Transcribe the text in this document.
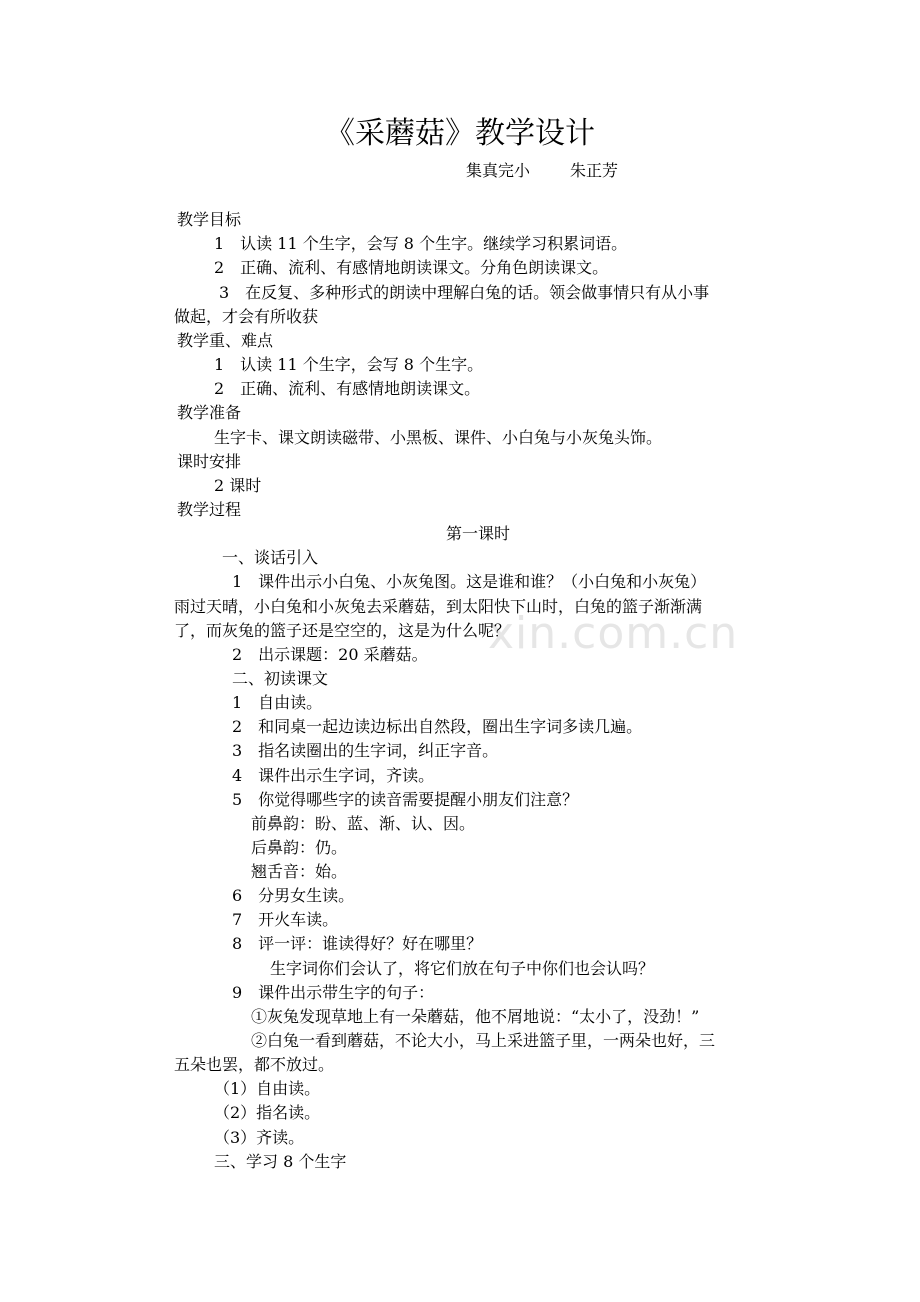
xin.com.cn
《采蘑菇》教学设计
集真完小	朱正芳
教学目标
1　认读 11 个生字，会写 8 个生字。继续学习积累词语。
2　正确、流利、有感情地朗读课文。分角色朗读课文。
3　在反复、多种形式的朗读中理解白兔的话。领会做事情只有从小事
做起，才会有所收获
教学重、难点
1　认读 11 个生字，会写 8 个生字。
2　正确、流利、有感情地朗读课文。
教学准备
生字卡、课文朗读磁带、小黑板、课件、小白兔与小灰兔头饰。
课时安排
2 课时
教学过程
第一课时
一、谈话引入
1　课件出示小白兔、小灰兔图。这是谁和谁？（小白兔和小灰兔）
雨过天晴，小白兔和小灰兔去采蘑菇，到太阳快下山时，白兔的篮子渐渐满
了，而灰兔的篮子还是空空的，这是为什么呢？
2　出示课题：20 采蘑菇。
二、初读课文
1　自由读。
2　和同桌一起边读边标出自然段，圈出生字词多读几遍。
3　指名读圈出的生字词，纠正字音。
4　课件出示生字词，齐读。
5　你觉得哪些字的读音需要提醒小朋友们注意？
前鼻韵：盼、蓝、渐、认、因。
后鼻韵：仍。
翘舌音：始。
6　分男女生读。
7　开火车读。
8　评一评：谁读得好？好在哪里？
生字词你们会认了，将它们放在句子中你们也会认吗？
9　课件出示带生字的句子：
①灰兔发现草地上有一朵蘑菇，他不屑地说：“太小了，没劲！”
②白兔一看到蘑菇，不论大小，马上采进篮子里，一两朵也好，三
五朵也罢，都不放过。
（1）自由读。
（2）指名读。
（3）齐读。
三、学习 8 个生字
